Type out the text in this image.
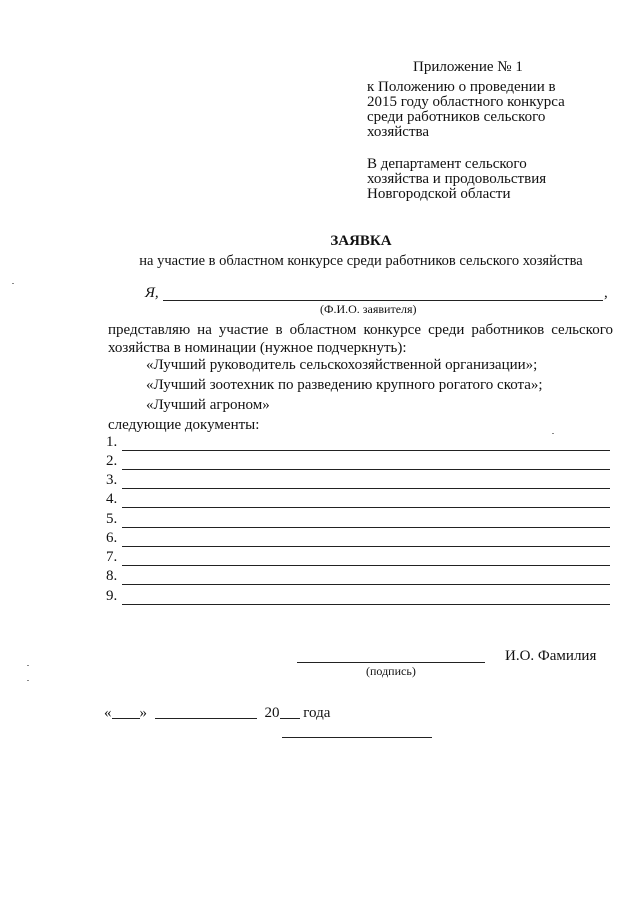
Приложение № 1
к Положению о проведении в
2015 году областного конкурса
среди работников сельского
хозяйства
В департамент сельского
хозяйства и продовольствия
Новгородской области
ЗАЯВКА
на участие в областном конкурсе среди работников сельского хозяйства
Я,	,
(Ф.И.О. заявителя)
представляю на участие в областном конкурсе среди работников сельского
хозяйства в номинации (нужное подчеркнуть):
«Лучший руководитель сельскохозяйственной организации»;
«Лучший зоотехник по разведению крупного рогатого скота»;
«Лучший агроном»
следующие документы:
1.
2.
3.
4.
5.
6.
7.
8.
9.
И.О. Фамилия
(подпись)
« »	20 года
